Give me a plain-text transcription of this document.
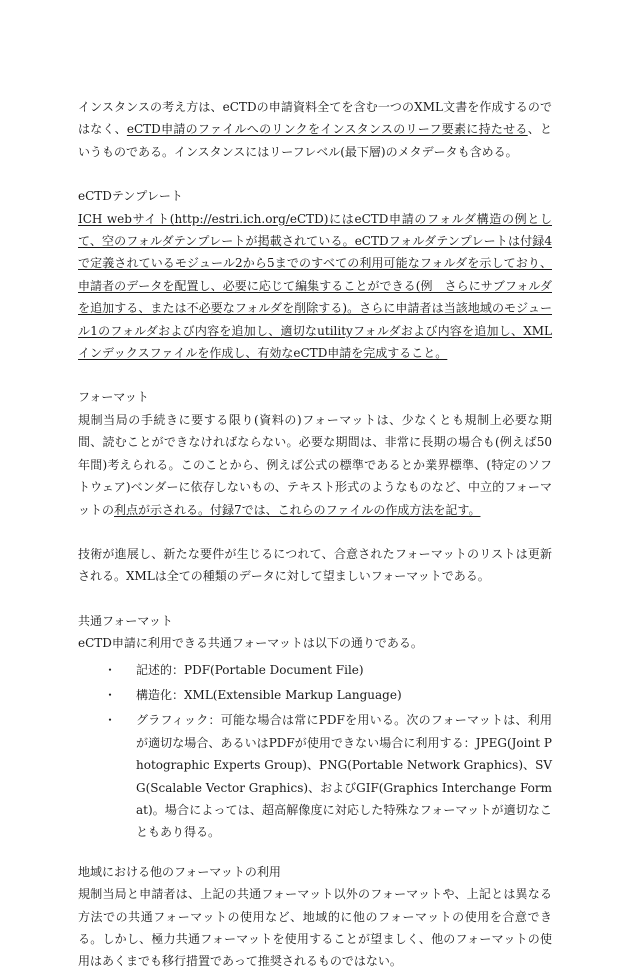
インスタンスの考え方は、eCTDの申請資料全てを含む一つのXML文書を作成するのではなく、eCTD申請のファイルへのリンクをインスタンスのリーフ要素に持たせる、というものである。インスタンスにはリーフレベル(最下層)のメタデータも含める。

eCTDテンプレート

ICH webサイト(http://estri.ich.org/eCTD)にはeCTD申請のフォルダ構造の例として、空のフォルダテンプレートが掲載されている。eCTDフォルダテンプレートは付録4で定義されているモジュール2から5までのすべての利用可能なフォルダを示しており、申請者のデータを配置し、必要に応じて編集することができる(例　さらにサブフォルダを追加する、または不必要なフォルダを削除する)。さらに申請者は当該地域のモジュール1のフォルダおよび内容を追加し、適切なutilityフォルダおよび内容を追加し、XMLインデックスファイルを作成し、有効なeCTD申請を完成すること。

フォーマット

規制当局の手続きに要する限り(資料の)フォーマットは、少なくとも規制上必要な期間、読むことができなければならない。必要な期間は、非常に長期の場合も(例えば50年間)考えられる。このことから、例えば公式の標準であるとか業界標準、(特定のソフトウェア)ベンダーに依存しないもの、テキスト形式のようなものなど、中立的フォーマットの利点が示される。付録7では、これらのファイルの作成方法を記す。

技術が進展し、新たな要件が生じるにつれて、合意されたフォーマットのリストは更新される。XMLは全ての種類のデータに対して望ましいフォーマットである。

共通フォーマット

eCTD申請に利用できる共通フォーマットは以下の通りである。

・ 記述的：PDF(Portable Document File)
・ 構造化：XML(Extensible Markup Language)
・ グラフィック：可能な場合は常にPDFを用いる。次のフォーマットは、利用が適切な場合、あるいはPDFが使用できない場合に利用する：JPEG(Joint Photographic Experts Group)、PNG(Portable Network Graphics)、SVG(Scalable Vector Graphics)、およびGIF(Graphics Interchange Format)。場合によっては、超高解像度に対応した特殊なフォーマットが適切なこともあり得る。

地域における他のフォーマットの利用

規制当局と申請者は、上記の共通フォーマット以外のフォーマットや、上記とは異なる方法での共通フォーマットの使用など、地域的に他のフォーマットの使用を合意できる。しかし、極力共通フォーマットを使用することが望ましく、他のフォーマットの使用はあくまでも移行措置であって推奨されるものではない。
